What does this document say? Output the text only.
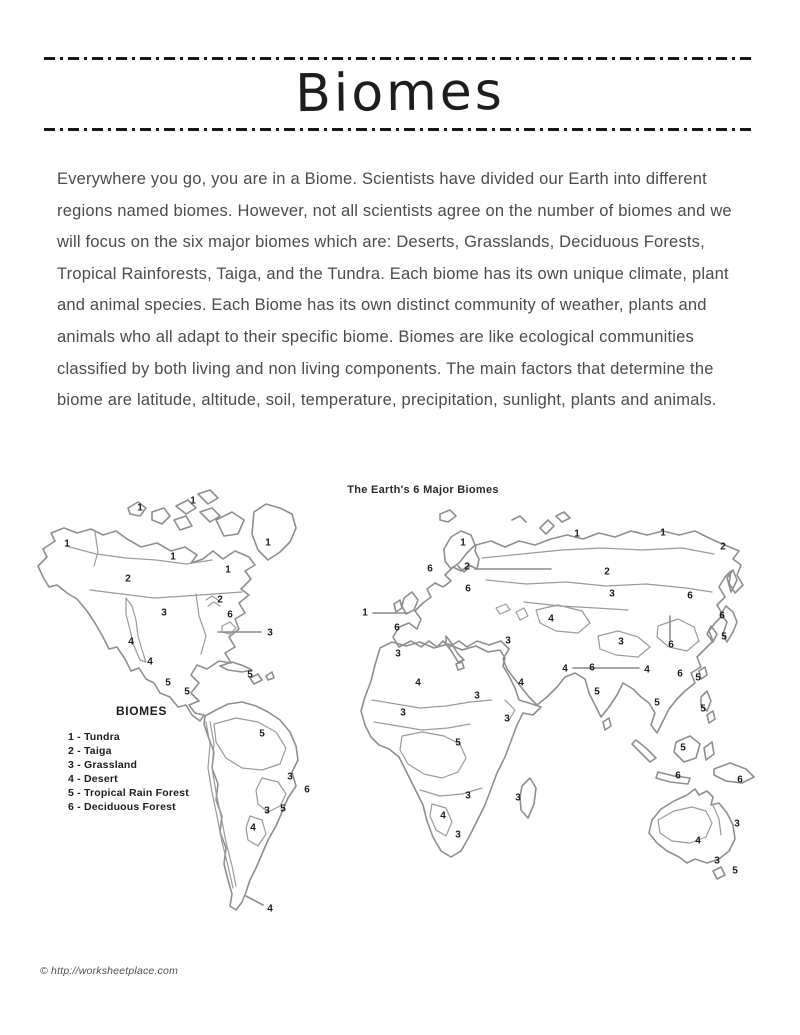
Biomes
Everywhere you go, you are in a Biome. Scientists have divided our Earth into different regions named biomes. However, not all scientists agree on the number of biomes and we will focus on the six major biomes which are: Deserts, Grasslands, Deciduous Forests, Tropical Rainforests, Taiga, and the Tundra. Each biome has its own unique climate, plant and animal species. Each Biome has its own distinct community of weather, plants and animals who all adapt to their specific biome. Biomes are like ecological communities classified by both living and non living components. The main factors that determine the biome are latitude, altitude, soil, temperature, precipitation, sunlight, plants and animals.
The Earth's 6 Major Biomes
1
1
1
1
1
1
2
2
3	6
3
4
4
5
5
5
5
3
6
3 5
4
4
1
2
6
6
1
6
3
4
3
3
4
3
3
5
3
4
3
3
1	1
2
2
4
3	6
3	6
4 6	4
5
6
5
6
5
5
5
5
6	6
3
4
3
5
BIOMES
1 - Tundra
2 - Taiga
3 - Grassland
4 - Desert
5 - Tropical Rain Forest
6 - Deciduous Forest
© http://worksheetplace.com
